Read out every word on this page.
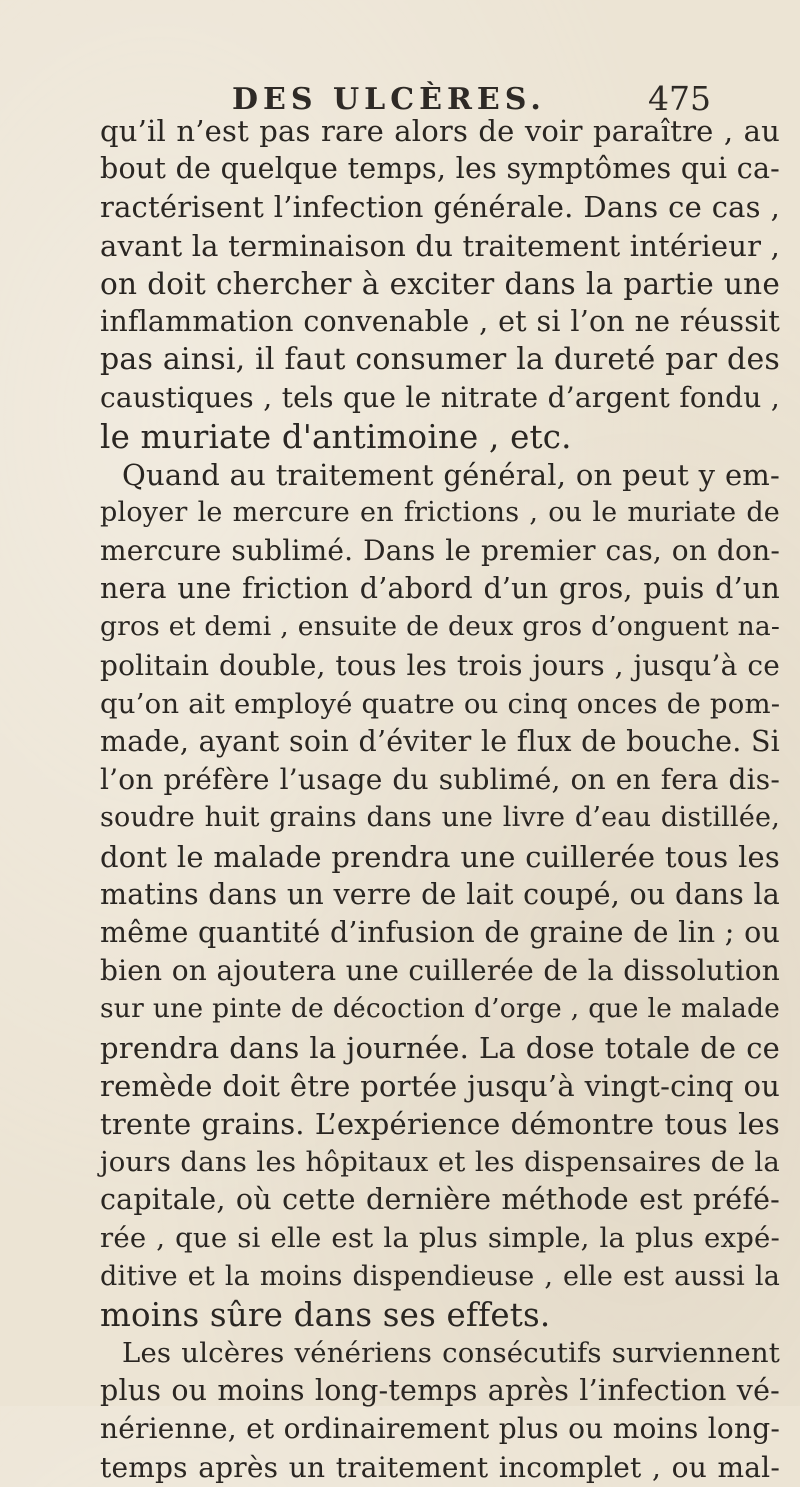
DES ULCÈRES.	475
qu’il n’est pas rare alors de voir paraître , au
bout de quelque temps, les symptômes qui ca-
ractérisent l’infection générale. Dans ce cas ,
avant la terminaison du traitement intérieur ,
on doit chercher à exciter dans la partie une
inflammation convenable , et si l’on ne réussit
pas ainsi, il faut consumer la dureté par des
caustiques , tels que le nitrate d’argent fondu ,
le muriate d'antimoine , etc.
Quand au traitement général, on peut y em-
ployer le mercure en frictions , ou le muriate de
mercure sublimé. Dans le premier cas, on don-
nera une friction d’abord d’un gros, puis d’un
gros et demi , ensuite de deux gros d’onguent na-
politain double, tous les trois jours , jusqu’à ce
qu’on ait employé quatre ou cinq onces de pom-
made, ayant soin d’éviter le flux de bouche. Si
l’on préfère l’usage du sublimé, on en fera dis-
soudre huit grains dans une livre d’eau distillée,
dont le malade prendra une cuillerée tous les
matins dans un verre de lait coupé, ou dans la
même quantité d’infusion de graine de lin ; ou
bien on ajoutera une cuillerée de la dissolution
sur une pinte de décoction d’orge , que le malade
prendra dans la journée. La dose totale de ce
remède doit être portée jusqu’à vingt-cinq ou
trente grains. L’expérience démontre tous les
jours dans les hôpitaux et les dispensaires de la
capitale, où cette dernière méthode est préfé-
rée , que si elle est la plus simple, la plus expé-
ditive et la moins dispendieuse , elle est aussi la
moins sûre dans ses effets.
Les ulcères vénériens consécutifs surviennent
plus ou moins long-temps après l’infection vé-
nérienne, et ordinairement plus ou moins long-
temps après un traitement incomplet , ou mal-
